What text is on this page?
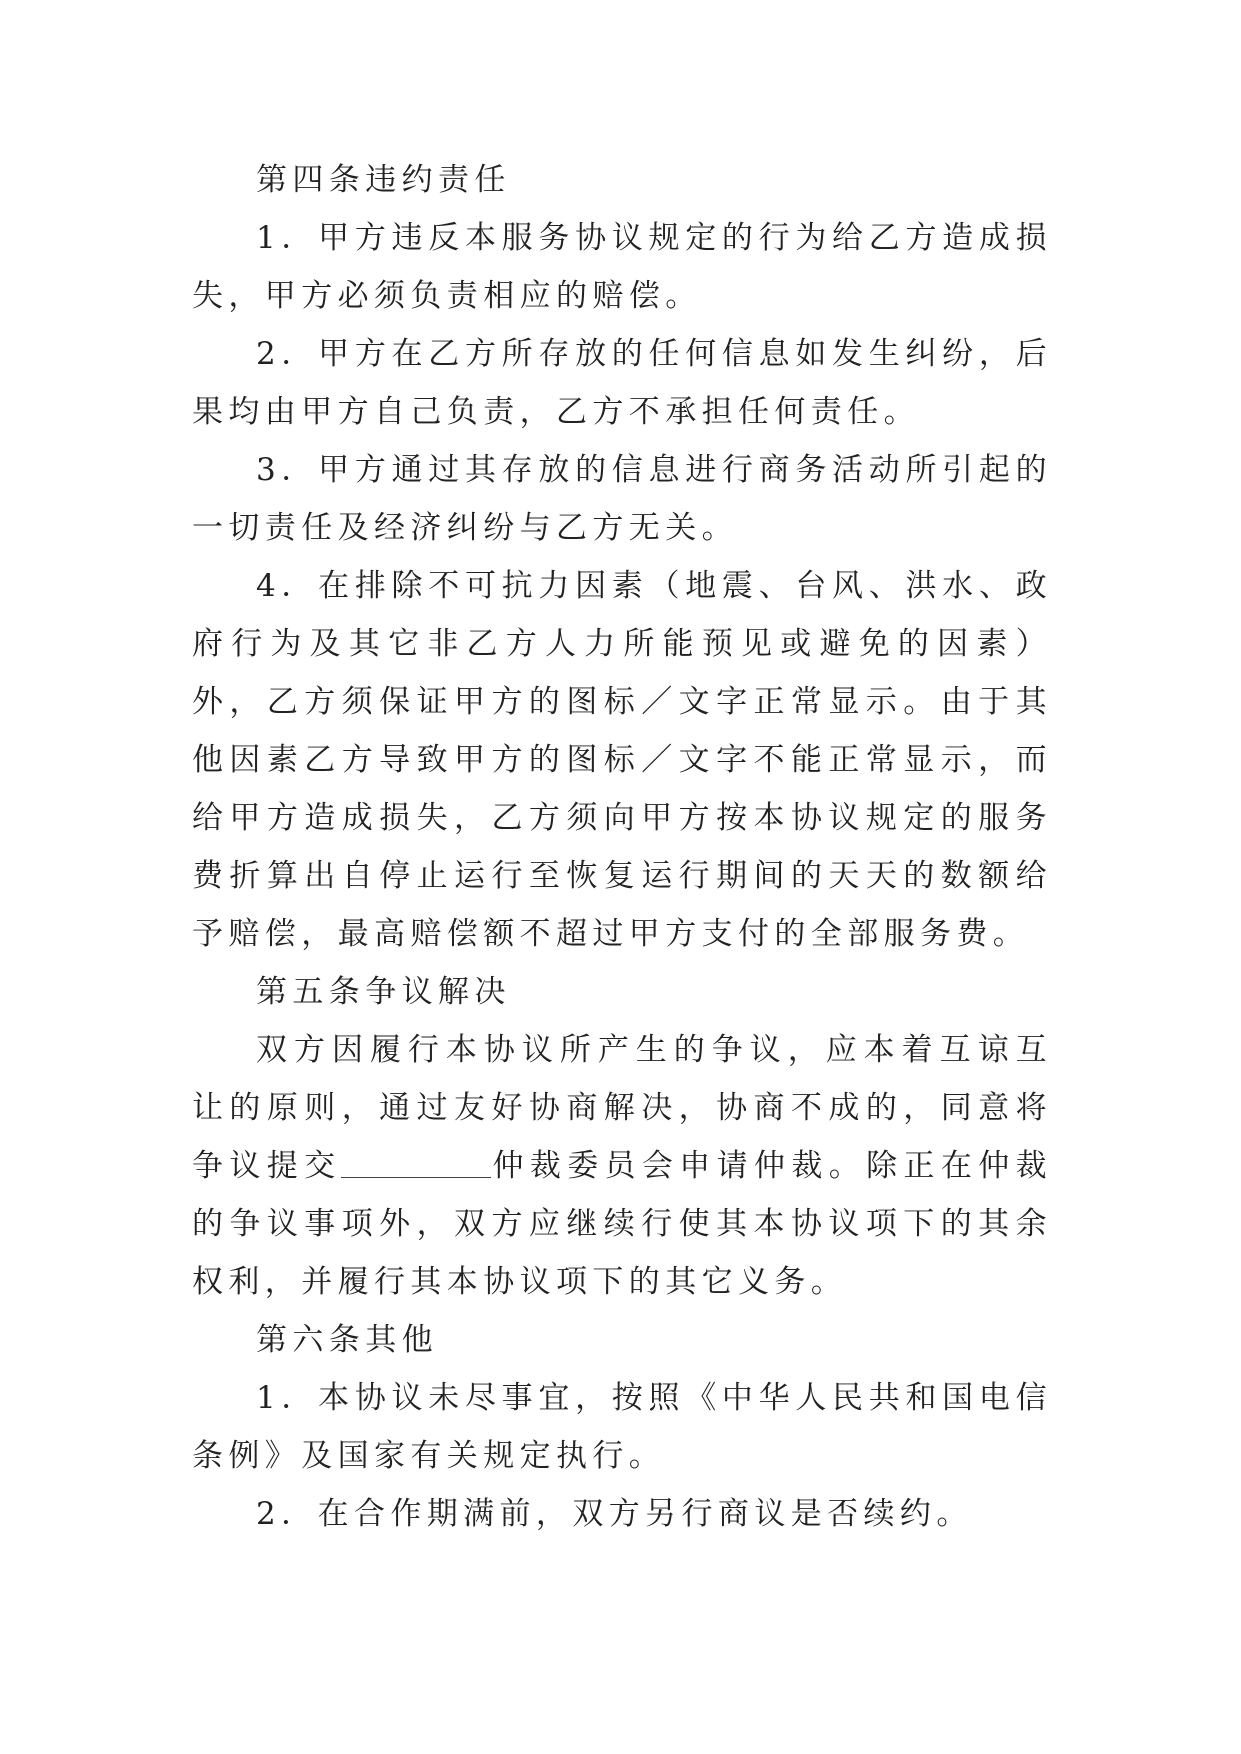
第四条违约责任

1．甲方违反本服务协议规定的行为给乙方造成损失，甲方必须负责相应的赔偿。

2．甲方在乙方所存放的任何信息如发生纠纷，后果均由甲方自己负责，乙方不承担任何责任。

3．甲方通过其存放的信息进行商务活动所引起的一切责任及经济纠纷与乙方无关。

4．在排除不可抗力因素（地震、台风、洪水、政府行为及其它非乙方人力所能预见或避免的因素）外，乙方须保证甲方的图标／文字正常显示。由于其他因素乙方导致甲方的图标／文字不能正常显示，而给甲方造成损失，乙方须向甲方按本协议规定的服务费折算出自停止运行至恢复运行期间的天天的数额给予赔偿，最高赔偿额不超过甲方支付的全部服务费。

第五条争议解决

双方因履行本协议所产生的争议，应本着互谅互让的原则，通过友好协商解决，协商不成的，同意将争议提交	仲裁委员会申请仲裁。除正在仲裁的争议事项外，双方应继续行使其本协议项下的其余权利，并履行其本协议项下的其它义务。

第六条其他

1．本协议未尽事宜，按照《中华人民共和国电信条例》及国家有关规定执行。

2．在合作期满前，双方另行商议是否续约。
